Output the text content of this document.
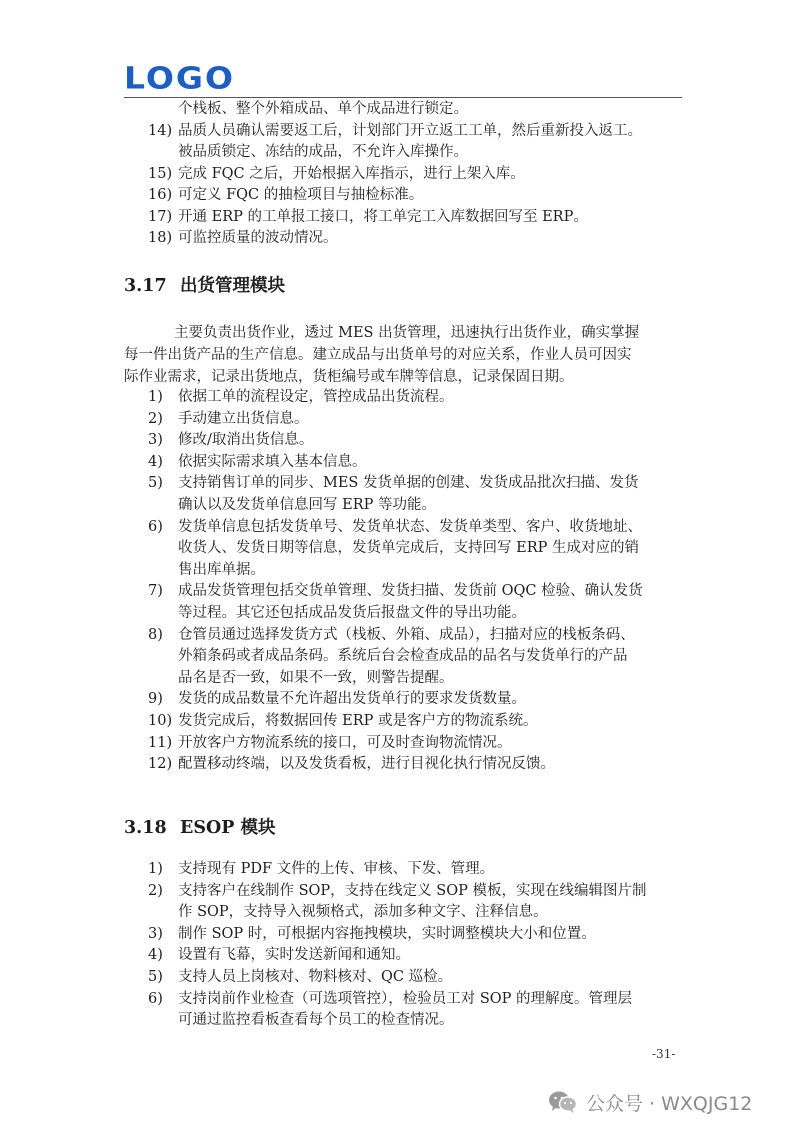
LOGO
个栈板、整个外箱成品、单个成品进行锁定。
14) 品质人员确认需要返工后，计划部门开立返工工单，然后重新投入返工。
被品质锁定、冻结的成品，不允许入库操作。
15) 完成 FQC 之后，开始根据入库指示，进行上架入库。
16) 可定义 FQC 的抽检项目与抽检标准。
17) 开通 ERP 的工单报工接口，将工单完工入库数据回写至 ERP。
18) 可监控质量的波动情况。
3.17 出货管理模块
主要负责出货作业，透过 MES 出货管理，迅速执行出货作业，确实掌握
每一件出货产品的生产信息。建立成品与出货单号的对应关系，作业人员可因实
际作业需求，记录出货地点，货柜编号或车牌等信息，记录保固日期。
1) 依据工单的流程设定，管控成品出货流程。
2) 手动建立出货信息。
3) 修改/取消出货信息。
4) 依据实际需求填入基本信息。
5) 支持销售订单的同步、MES 发货单据的创建、发货成品批次扫描、发货
确认以及发货单信息回写 ERP 等功能。
6) 发货单信息包括发货单号、发货单状态、发货单类型、客户、收货地址、
收货人、发货日期等信息，发货单完成后，支持回写 ERP 生成对应的销
售出库单据。
7) 成品发货管理包括交货单管理、发货扫描、发货前 OQC 检验、确认发货
等过程。其它还包括成品发货后报盘文件的导出功能。
8) 仓管员通过选择发货方式（栈板、外箱、成品），扫描对应的栈板条码、
外箱条码或者成品条码。系统后台会检查成品的品名与发货单行的产品
品名是否一致，如果不一致，则警告提醒。
9) 发货的成品数量不允许超出发货单行的要求发货数量。
10) 发货完成后，将数据回传 ERP 或是客户方的物流系统。
11) 开放客户方物流系统的接口，可及时查询物流情况。
12) 配置移动终端，以及发货看板，进行目视化执行情况反馈。
3.18 ESOP 模块
1) 支持现有 PDF 文件的上传、审核、下发、管理。
2) 支持客户在线制作 SOP，支持在线定义 SOP 模板，实现在线编辑图片制
作 SOP，支持导入视频格式，添加多种文字、注释信息。
3) 制作 SOP 时，可根据内容拖拽模块，实时调整模块大小和位置。
4) 设置有飞幕，实时发送新闻和通知。
5) 支持人员上岗核对、物料核对、QC 巡检。
6) 支持岗前作业检查（可选项管控），检验员工对 SOP 的理解度。管理层
可通过监控看板查看每个员工的检查情况。
-31-
公众号 · WXQJG12
